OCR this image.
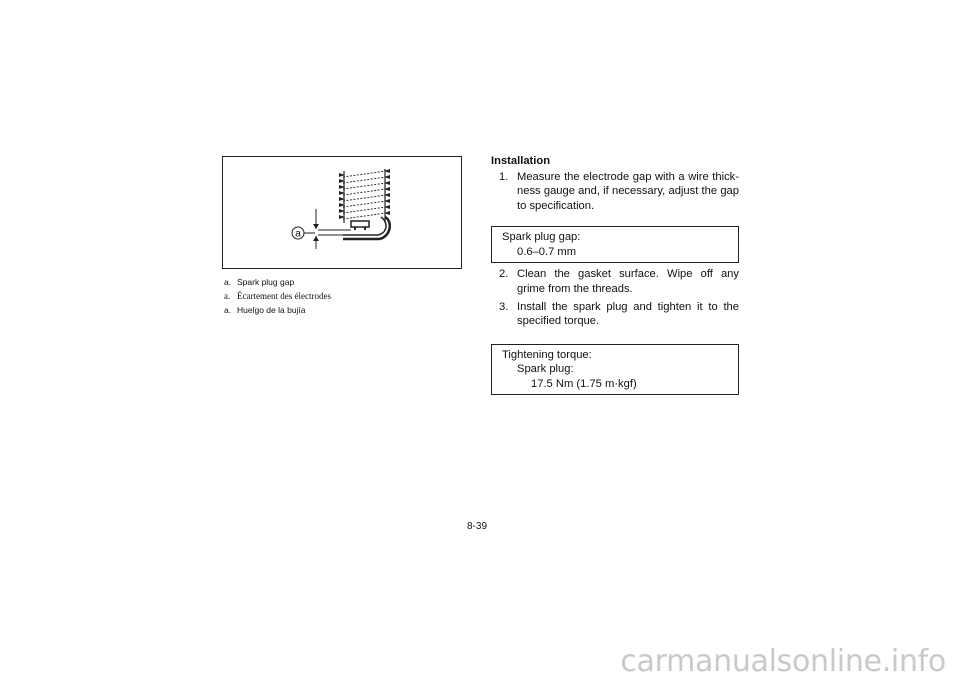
a
a. Spark plug gap
a. Écartement des électrodes
a. Huelgo de la bujía
Installation
1. Measure the electrode gap with a wire thick-ness gauge and, if necessary, adjust the gap to specification.
Spark plug gap:
0.6–0.7 mm
2. Clean the gasket surface. Wipe off any grime from the threads.
3. Install the spark plug and tighten it to the specified torque.
Tightening torque:
Spark plug:
17.5 Nm (1.75 m·kgf)
8-39
carmanualsonline.info
